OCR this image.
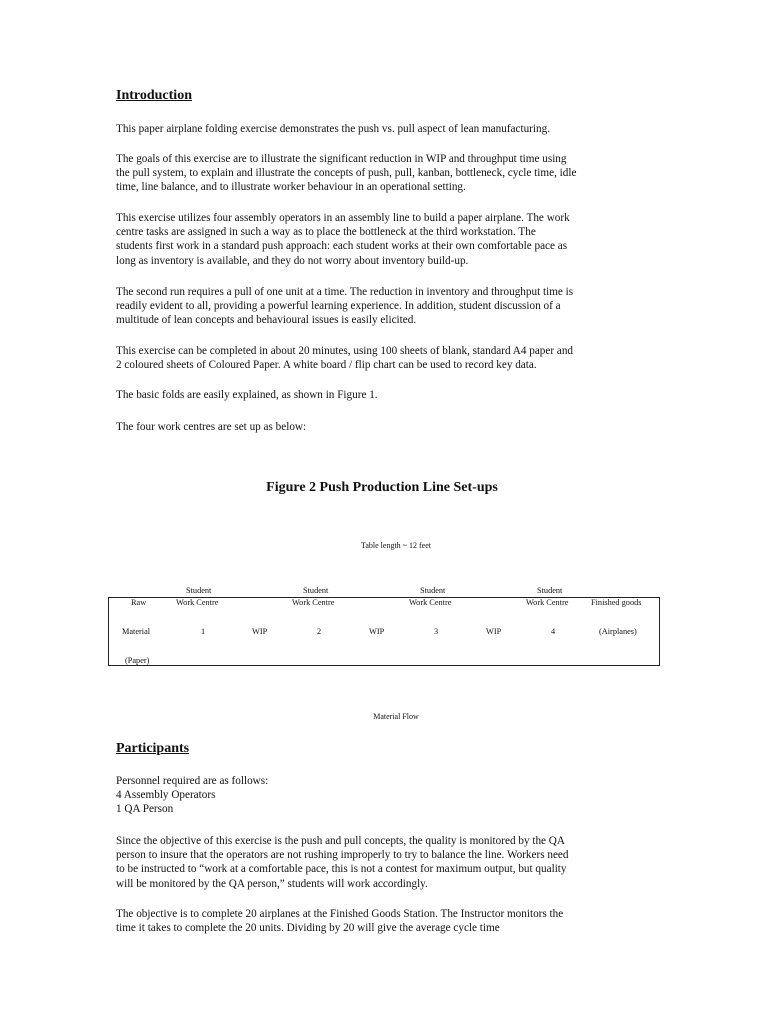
Introduction
This paper airplane folding exercise demonstrates the push vs. pull aspect of lean manufacturing.
The goals of this exercise are to illustrate the significant reduction in WIP and throughput time using
the pull system, to explain and illustrate the concepts of push, pull, kanban, bottleneck, cycle time, idle
time, line balance, and to illustrate worker behaviour in an operational setting.
This exercise utilizes four assembly operators in an assembly line to build a paper airplane. The work
centre tasks are assigned in such a way as to place the bottleneck at the third workstation. The
students first work in a standard push approach: each student works at their own comfortable pace as
long as inventory is available, and they do not worry about inventory build-up.
The second run requires a pull of one unit at a time. The reduction in inventory and throughput time is
readily evident to all, providing a powerful learning experience. In addition, student discussion of a
multitude of lean concepts and behavioural issues is easily elicited.
This exercise can be completed in about 20 minutes, using 100 sheets of blank, standard A4 paper and
2 coloured sheets of Coloured Paper. A white board / flip chart can be used to record key data.
The basic folds are easily explained, as shown in Figure 1.
The four work centres are set up as below:
Figure 2 Push Production Line Set-ups
Table length ~ 12 feet
Student	Student	Student	Student
Raw	Work Centre	Work Centre	Work Centre	Work Centre	Finished goods
Material	1	WIP	2	WIP	3	WIP	4	(Airplanes)
(Paper)
Material Flow
Participants
Personnel required are as follows:
4 Assembly Operators
1 QA Person
Since the objective of this exercise is the push and pull concepts, the quality is monitored by the QA
person to insure that the operators are not rushing improperly to try to balance the line. Workers need
to be instructed to “work at a comfortable pace, this is not a contest for maximum output, but quality
will be monitored by the QA person,” students will work accordingly.
The objective is to complete 20 airplanes at the Finished Goods Station. The Instructor monitors the
time it takes to complete the 20 units. Dividing by 20 will give the average cycle time
